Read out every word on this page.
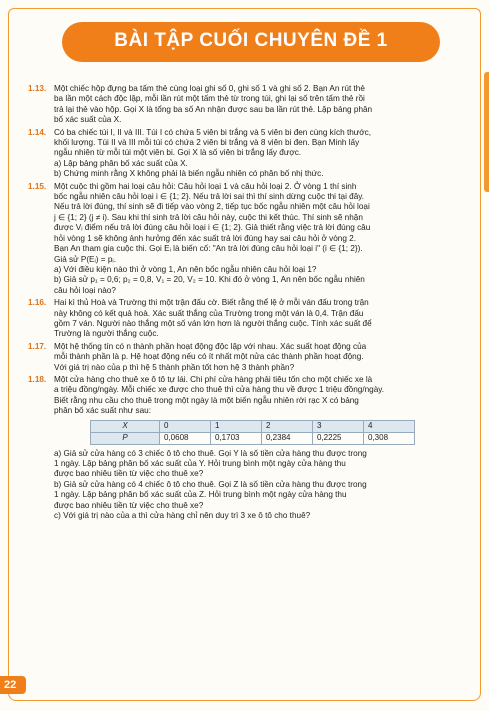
BÀI TẬP CUỐI CHUYÊN ĐỀ 1
1.13. Một chiếc hộp đựng ba tấm thẻ cùng loại ghi số 0, ghi số 1 và ghi số 2. Bạn An rút thẻ

ba lần một cách độc lập, mỗi lần rút một tấm thẻ từ trong túi, ghi lại số trên tấm thẻ rồi

trả lại thẻ vào hộp. Gọi X là tổng ba số An nhận được sau ba lần rút thẻ. Lập bảng phân

bố xác suất của X.

1.14. Có ba chiếc túi I, II và III. Túi I có chứa 5 viên bi trắng và 5 viên bi đen cùng kích thước,

khối lượng. Túi II và III mỗi túi có chứa 2 viên bi trắng và 8 viên bi đen. Bạn Minh lấy

ngẫu nhiên từ mỗi túi một viên bi. Gọi X là số viên bi trắng lấy được.

a) Lập bảng phân bố xác suất của X.

b) Chứng minh rằng X không phải là biến ngẫu nhiên có phân bố nhị thức.

1.15. Một cuộc thi gồm hai loại câu hỏi: Câu hỏi loại 1 và câu hỏi loại 2. Ở vòng 1 thí sinh

bốc ngẫu nhiên câu hỏi loại i ∈ {1; 2}. Nếu trả lời sai thì thí sinh dừng cuộc thi tại đây.

Nếu trả lời đúng, thí sinh sẽ đi tiếp vào vòng 2, tiếp tục bốc ngẫu nhiên một câu hỏi loại

j ∈ {1; 2} (j ≠ i). Sau khi thí sinh trả lời câu hỏi này, cuộc thi kết thúc. Thí sinh sẽ nhận

được Vᵢ điểm nếu trả lời đúng câu hỏi loại i ∈ {1; 2}. Giả thiết rằng việc trả lời đúng câu

hỏi vòng 1 sẽ không ảnh hưởng đến xác suất trả lời đúng hay sai câu hỏi ở vòng 2.

Bạn An tham gia cuộc thi. Gọi Eᵢ là biến cố: "An trả lời đúng câu hỏi loại i" (i ∈ {1; 2}).

Giả sử P(Eᵢ) = pᵢ.

a) Với điều kiện nào thì ở vòng 1, An nên bốc ngẫu nhiên câu hỏi loại 1?

b) Giả sử p₁ = 0,6; p₂ = 0,8, V₁ = 20, V₂ = 10. Khi đó ở vòng 1, An nên bốc ngẫu nhiên

câu hỏi loại nào?

1.16. Hai kì thủ Hoà và Trường thi một trận đấu cờ. Biết rằng thể lệ ở mỗi ván đấu trong trận

này không có kết quả hoà. Xác suất thắng của Trường trong một ván là 0,4. Trận đấu

gồm 7 ván. Người nào thắng một số ván lớn hơn là người thắng cuộc. Tính xác suất để

Trường là người thắng cuộc.

1.17. Một hệ thống tín có n thành phần hoạt động độc lập với nhau. Xác suất hoạt động của

mỗi thành phần là p. Hệ hoạt động nếu có ít nhất một nửa các thành phần hoạt động.

Với giá trị nào của p thì hệ 5 thành phần tốt hơn hệ 3 thành phần?

1.18. Một cửa hàng cho thuê xe ô tô tự lái. Chi phí cửa hàng phải tiêu tốn cho một chiếc xe là

a triệu đồng/ngày. Mỗi chiếc xe được cho thuê thì cửa hàng thu về được 1 triệu đồng/ngày.

Biết rằng nhu cầu cho thuê trong một ngày là một biến ngẫu nhiên rời rạc X có bảng

phân bố xác suất như sau:

X	0	1	2	3	4
P	0,0608	0,1703	0,2384	0,2225	0,308

a) Giả sử cửa hàng có 3 chiếc ô tô cho thuê. Gọi Y là số tiền cửa hàng thu được trong

1 ngày. Lập bảng phân bố xác suất của Y. Hỏi trung bình một ngày cửa hàng thu

được bao nhiêu tiền từ việc cho thuê xe?

b) Giả sử cửa hàng có 4 chiếc ô tô cho thuê. Gọi Z là số tiền cửa hàng thu được trong

1 ngày. Lập bảng phân bố xác suất của Z. Hỏi trung bình một ngày cửa hàng thu

được bao nhiêu tiền từ việc cho thuê xe?

c) Với giá trị nào của a thì cửa hàng chỉ nên duy trì 3 xe ô tô cho thuê?

22
